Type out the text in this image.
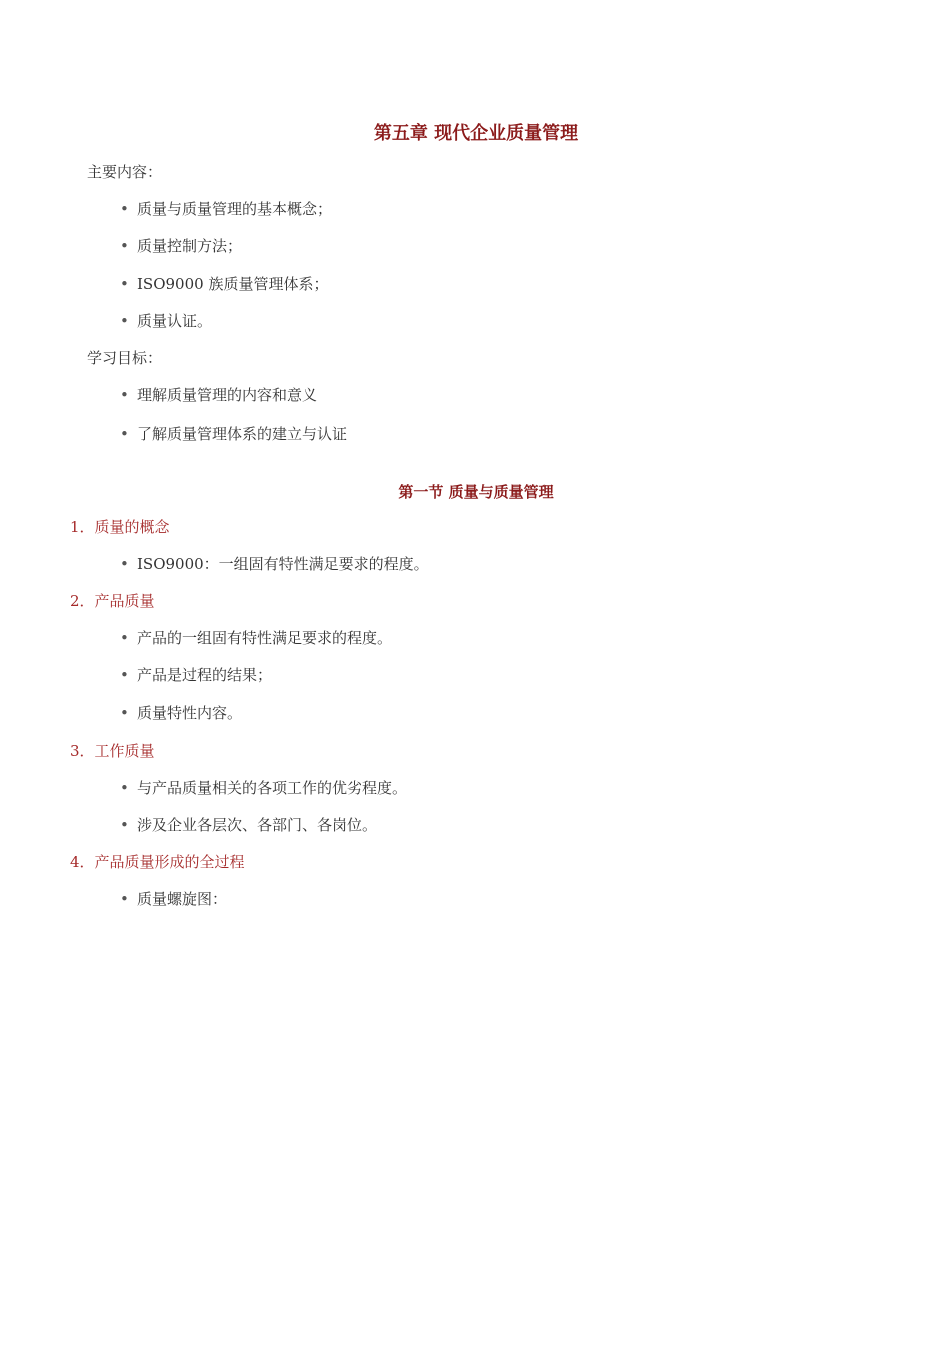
第五章 现代企业质量管理
主要内容：
• 质量与质量管理的基本概念；
• 质量控制方法；
• ISO9000 族质量管理体系；
• 质量认证。
学习目标：
• 理解质量管理的内容和意义
• 了解质量管理体系的建立与认证
第一节 质量与质量管理
1．质量的概念
• ISO9000：一组固有特性满足要求的程度。
2．产品质量
• 产品的一组固有特性满足要求的程度。
• 产品是过程的结果；
• 质量特性内容。
3．工作质量
• 与产品质量相关的各项工作的优劣程度。
• 涉及企业各层次、各部门、各岗位。
4．产品质量形成的全过程
• 质量螺旋图：
